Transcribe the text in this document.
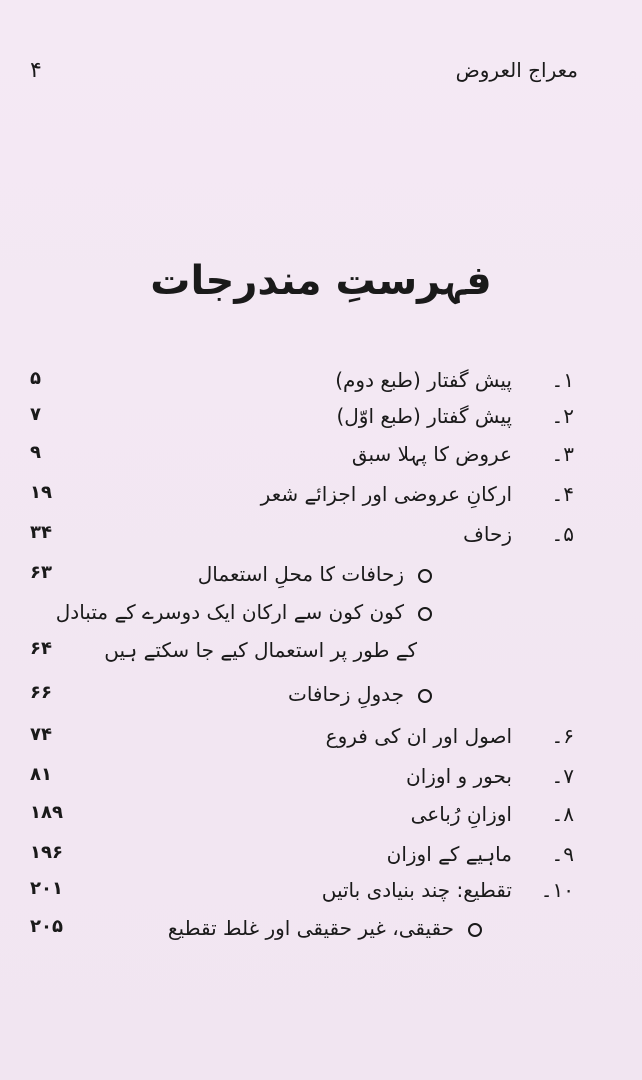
معراج العروض
۴
فہرستِ مندرجات
۱۔
پیش گفتار (طبع دوم)
۵
۲۔
پیش گفتار (طبع اوّل)
۷
۳۔
عروض کا پہلا سبق
۹
۴۔
ارکانِ عروضی اور اجزائے شعر
۱۹
۵۔
زحاف
۳۴
زحافات کا محلِ استعمال
۶۳
کون کون سے ارکان ایک دوسرے کے متبادل
کے طور پر استعمال کیے جا سکتے ہیں
۶۴
جدولِ زحافات
۶۶
۶۔
اصول اور ان کی فروع
۷۴
۷۔
بحور و اوزان
۸۱
۸۔
اوزانِ رُباعی
۱۸۹
۹۔
ماہیے کے اوزان
۱۹۶
۱۰۔
تقطیع: چند بنیادی باتیں
۲۰۱
حقیقی، غیر حقیقی اور غلط تقطیع
۲۰۵
